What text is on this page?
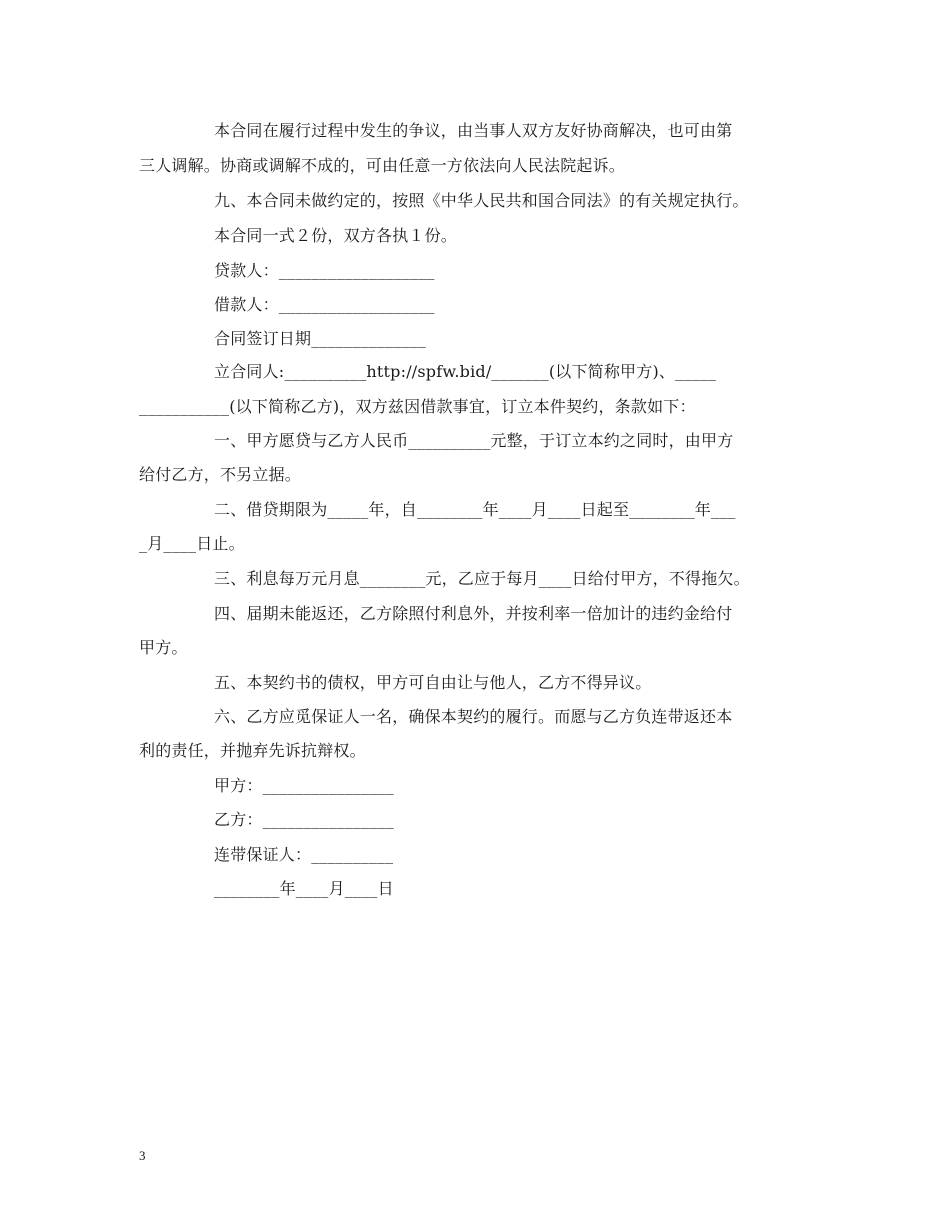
本合同在履行过程中发生的争议，由当事人双方友好协商解决，也可由第
三人调解。协商或调解不成的，可由任意一方依法向人民法院起诉。
九、本合同未做约定的，按照《中华人民共和国合同法》的有关规定执行。
本合同一式２份，双方各执１份。
贷款人：___________________
借款人：___________________
合同签订日期______________
立合同人:__________http://spfw.bid/_______(以下简称甲方)、_____
___________(以下简称乙方)，双方兹因借款事宜，订立本件契约，条款如下：
一、甲方愿贷与乙方人民币__________元整，于订立本约之同时，由甲方
给付乙方，不另立据。
二、借贷期限为_____年，自________年____月____日起至________年___
_月____日止。
三、利息每万元月息________元，乙应于每月____日给付甲方，不得拖欠。
四、届期未能返还，乙方除照付利息外，并按利率一倍加计的违约金给付
甲方。
五、本契约书的债权，甲方可自由让与他人，乙方不得异议。
六、乙方应觅保证人一名，确保本契约的履行。而愿与乙方负连带返还本
利的责任，并抛弃先诉抗辩权。
甲方：________________
乙方：________________
连带保证人：__________
________年____月____日
3
